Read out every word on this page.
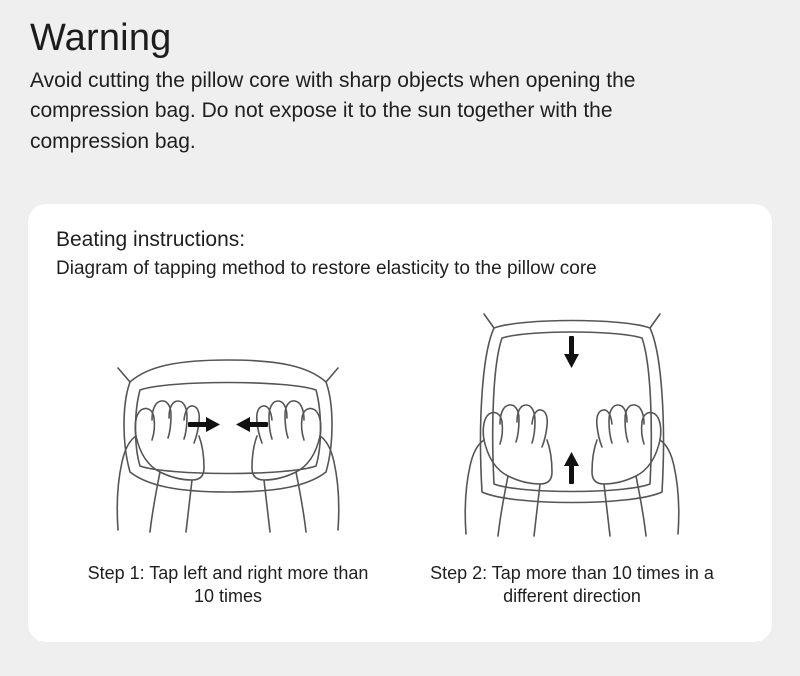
Warning

Avoid cutting the pillow core with sharp objects when opening the compression bag. Do not expose it to the sun together with the compression bag.

Beating instructions:

Diagram of tapping method to restore elasticity to the pillow core

Step 1: Tap left and right more than 10 times
Step 2: Tap more than 10 times in a different direction
